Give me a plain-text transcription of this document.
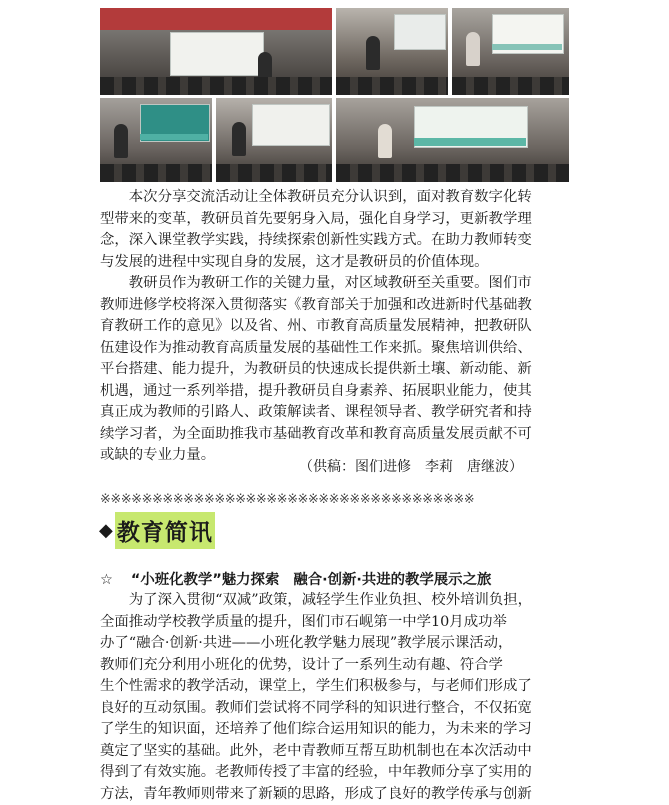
　　本次分享交流活动让全体教研员充分认识到，面对教育数字化转
型带来的变革，教研员首先要躬身入局，强化自身学习，更新教学理
念，深入课堂教学实践，持续探索创新性实践方式。在助力教师转变
与发展的进程中实现自身的发展，这才是教研员的价值体现。
　　教研员作为教研工作的关键力量，对区域教研至关重要。图们市
教师进修学校将深入贯彻落实《教育部关于加强和改进新时代基础教
育教研工作的意见》以及省、州、市教育高质量发展精神，把教研队
伍建设作为推动教育高质量发展的基础性工作来抓。聚焦培训供给、
平台搭建、能力提升，为教研员的快速成长提供新土壤、新动能、新
机遇，通过一系列举措，提升教研员自身素养、拓展职业能力，使其
真正成为教师的引路人、政策解读者、课程领导者、教学研究者和持
续学习者，为全面助推我市基础教育改革和教育高质量发展贡献不可
或缺的专业力量。
（供稿：图们进修　李莉　唐继波）
※※※※※※※※※※※※※※※※※※※※※※※※※※※※※※※※※※※※
◆ 教育简讯
☆ “小班化教学”魅力探索 融合·创新·共进的教学展示之旅
　　为了深入贯彻“双减”政策，减轻学生作业负担、校外培训负担，
全面推动学校教学质量的提升，图们市石岘第一中学10月成功举
办了“融合·创新·共进——小班化教学魅力展现”教学展示课活动，
教师们充分利用小班化的优势，设计了一系列生动有趣、符合学
生个性需求的教学活动，课堂上，学生们积极参与，与老师们形成了
良好的互动氛围。教师们尝试将不同学科的知识进行整合，不仅拓宽
了学生的知识面，还培养了他们综合运用知识的能力，为未来的学习
奠定了坚实的基础。此外，老中青教师互帮互助机制也在本次活动中
得到了有效实施。老教师传授了丰富的经验，中年教师分享了实用的
方法，青年教师则带来了新颖的思路，形成了良好的教学传承与创新
